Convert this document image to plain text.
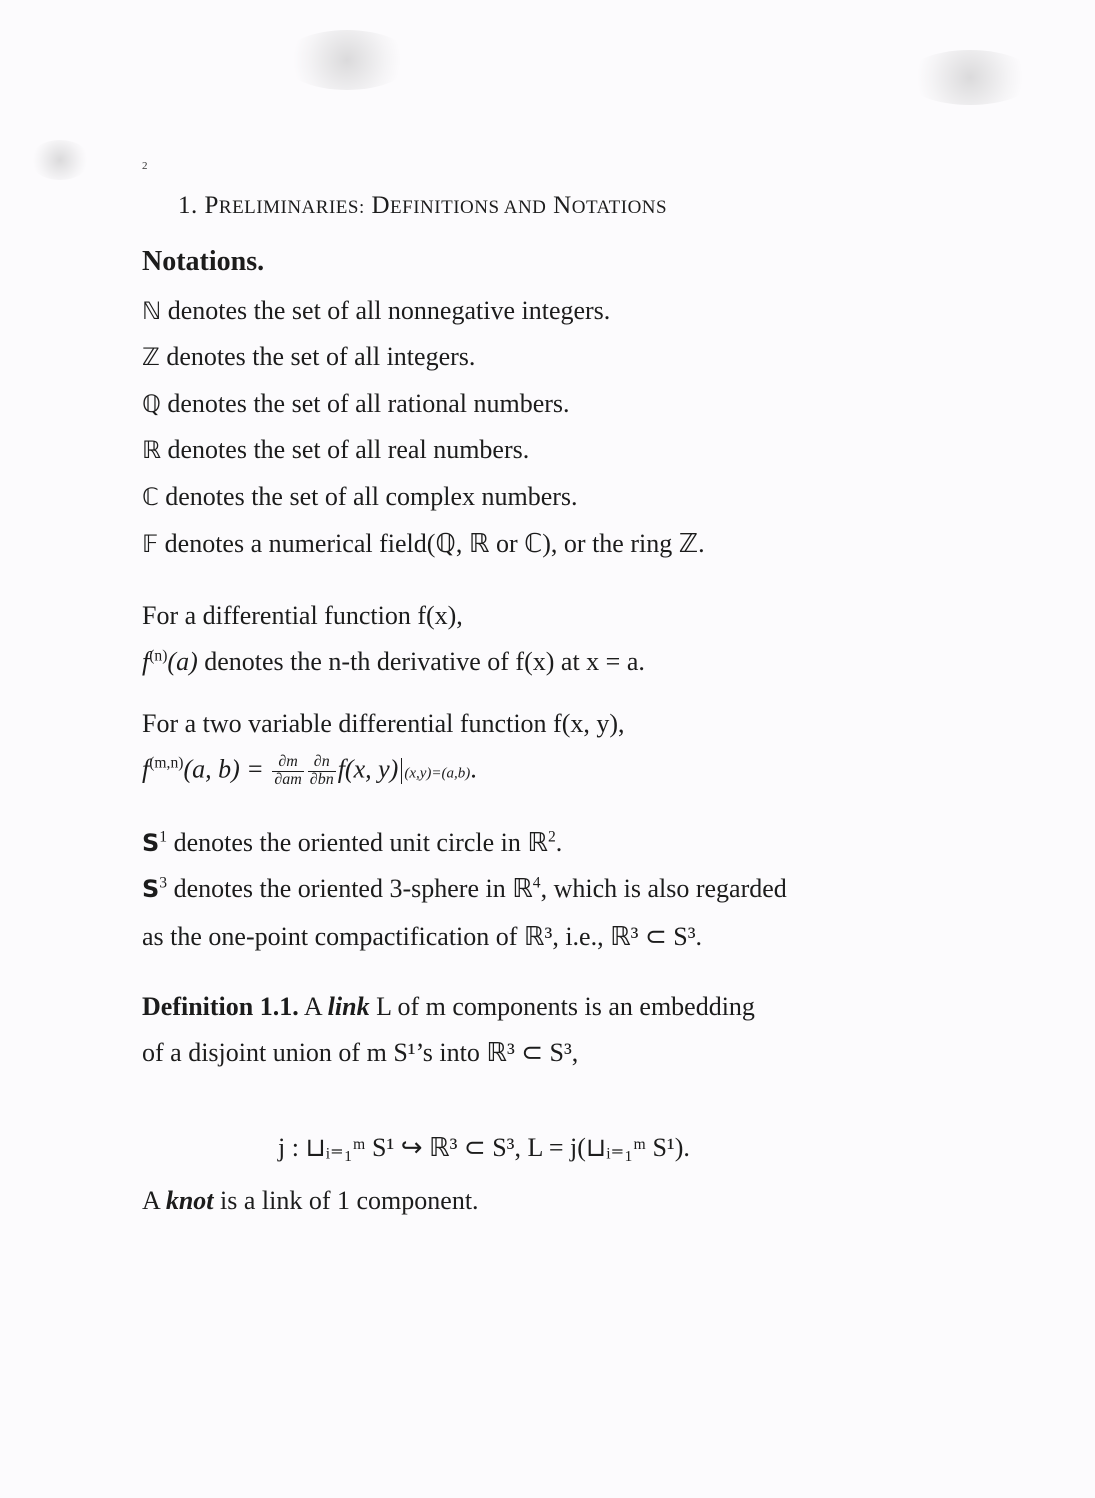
2
1. PRELIMINARIES: DEFINITIONS AND NOTATIONS
Notations.
ℕ denotes the set of all nonnegative integers.
ℤ denotes the set of all integers.
ℚ denotes the set of all rational numbers.
ℝ denotes the set of all real numbers.
ℂ denotes the set of all complex numbers.
𝔽 denotes a numerical field(ℚ, ℝ or ℂ), or the ring ℤ.
For a differential function f(x),
$f^{(n)}(a)$ denotes the n-th derivative of f(x) at x = a.
For a two variable differential function f(x, y),
$f^{(m,n)}(a$, $b) = \frac{\partial m}{\partial am} \frac{\partial n}{\partial bn} f(x$, y) (x,y)=(a,b).
$S^1$ denotes the oriented unit circle in ℝ$^2$.
$S^3$ denotes the oriented 3-sphere in ℝ$^4$, which is also regarded
as the one-point compactification of ℝ³, i.e., ℝ³ ⊂ S³.
Definition 1.1. A link L of m components is an embedding
of a disjoint union of m S¹’s into ℝ³ ⊂ S³,
j : ⊔ᵢ₌₁ᵐ S¹ ↪ ℝ³ ⊂ S³, L = j(⊔ᵢ₌₁ᵐ S¹).
A knot is a link of 1 component.
